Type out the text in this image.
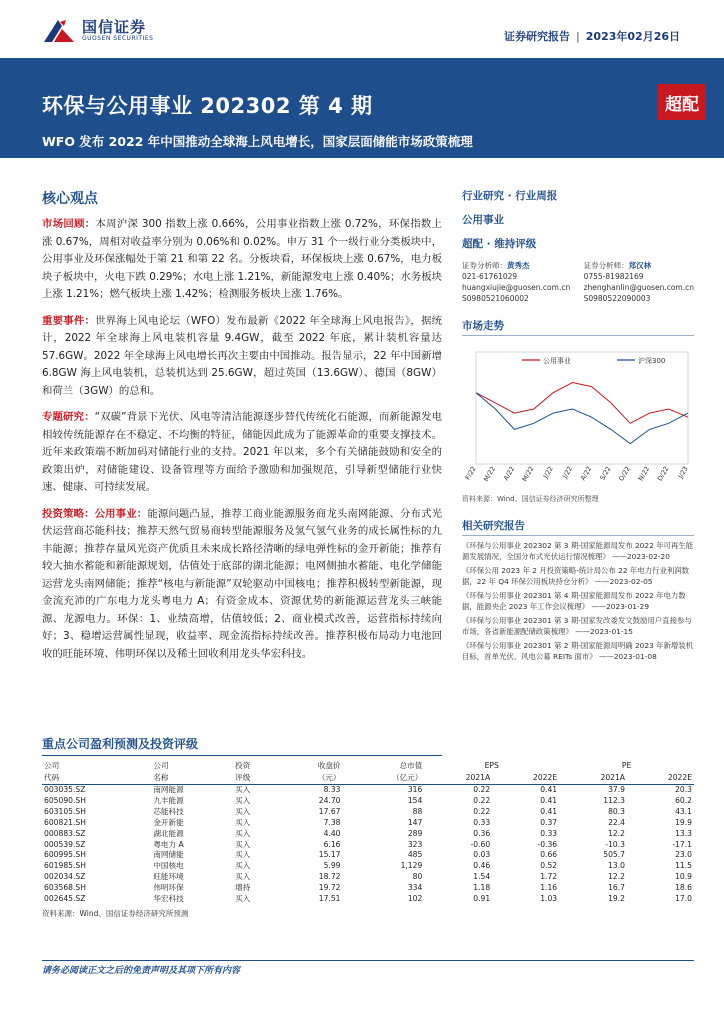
国信证券
GUOSEN SECURITIES	证券研究报告 | 2023年02月26日
环保与公用事业 202302 第 4 期
WFO 发布 2022 年中国推动全球海上风电增长，国家层面储能市场政策梳理
超配
核心观点
市场回顾：本周沪深 300 指数上涨 0.66%，公用事业指数上涨 0.72%，环保指数上涨 0.67%，周相对收益率分别为 0.06%和 0.02%。申万 31 个一级行业分类板块中，公用事业及环保涨幅处于第 21 和第 22 名。分板块看，环保板块上涨 0.67%，电力板块子板块中，火电下跌 0.29%；水电上涨 1.21%，新能源发电上涨 0.40%；水务板块上涨 1.21%；燃气板块上涨 1.42%；检测服务板块上涨 1.76%。
重要事件：世界海上风电论坛（WFO）发布最新《2022 年全球海上风电报告》，据统计，2022 年全球海上风电装机容量 9.4GW，截至 2022 年底，累计装机容量达 57.6GW。2022 年全球海上风电增长再次主要由中国推动。报告显示，22 年中国新增 6.8GW 海上风电装机，总装机达到 25.6GW，超过英国（13.6GW）、德国（8GW）和荷兰（3GW）的总和。
专题研究：“双碳”背景下光伏、风电等清洁能源逐步替代传统化石能源，而新能源发电相较传统能源存在不稳定、不均衡的特征，储能因此成为了能源革命的重要支撑技术。近年来政策端不断加码对储能行业的支持。2021 年以来，多个有关储能鼓励和安全的政策出炉，对储能建设、设备管理等方面给予激励和加强规范，引导新型储能行业快速、健康、可持续发展。
投资策略：公用事业：能源问题凸显，推荐工商业能源服务商龙头南网能源、分布式光伏运营商芯能科技；推荐天然气贸易商转型能源服务及氢气氢气业务的成长属性标的九丰能源；推荐存量风光资产优质且未来成长路径清晰的绿电弹性标的金开新能；推荐有较大抽水蓄能和新能源规划，估值处于底部的湖北能源；电网侧抽水蓄能、电化学储能运营龙头南网储能；推荐“核电与新能源”双轮驱动中国核电；推荐积极转型新能源，现金流充沛的广东电力龙头粤电力 A；有资金成本、资源优势的新能源运营龙头三峡能源、龙源电力。环保：1、业绩高增，估值较低；2、商业模式改善，运营指标持续向好；3、稳增运营属性显现，收益率、现金流指标持续改善。推荐积极布局动力电池回收的旺能环境、伟明环保以及稀土回收利用龙头华宏科技。
行业研究 · 行业周报
公用事业
超配 · 维持评级
证券分析师：黄秀杰
021-61761029
huangxiujie@guosen.com.cn
S0980521060002
证券分析师：郑汉林
0755-81982169
zhenghanlin@guosen.com.cn
S0980522090003
市场走势
公用事业	沪深300
F/22 M/22 A/22 M/22 J/22 J/22 A/22 S/22 O/22 N/22 D/22 J/23
资料来源：Wind、国信证券经济研究所整理
相关研究报告
《环保与公用事业 202302 第 3 期-国家能源局发布 2022 年可再生能源发展情况，全国分布式光伏运行情况梳理》 ——2023-02-20
《环保公用 2023 年 2 月投资策略-统计局公布 22 年电力行业利润数据，22 年 Q4 环保公用板块持仓分析》 ——2023-02-05
《环保与公用事业 202301 第 4 期-国家能源局发布 2022 年电力数据，能源央企 2023 年工作会议梳理》 ——2023-01-29
《环保与公用事业 202301 第 3 期-国家发改委发文鼓励用户直接参与市场，各省新能源配储政策梳理》 ——2023-01-15
《环保与公用事业 202301 第 2 期-国家能源局明确 2023 年新增装机目标，首单光伏、风电公募 REITs 面市》 ——2023-01-08
重点公司盈利预测及投资评级
公司	公司	投资	收盘价	总市值	EPS		PE	
代码	名称	评级	（元）	（亿元）	2021A	2022E	2021A	2022E
003035.SZ	南网能源	买入	8.33	316	0.22	0.41	37.9	20.3
605090.SH	九丰能源	买入	24.70	154	0.22	0.41	112.3	60.2
603105.SH	芯能科技	买入	17.67	88	0.22	0.41	80.3	43.1
600821.SH	金开新能	买入	7.38	147	0.33	0.37	22.4	19.9
000883.SZ	湖北能源	买入	4.40	289	0.36	0.33	12.2	13.3
000539.SZ	粤电力 A	买入	6.16	323	-0.60	-0.36	-10.3	-17.1
600995.SH	南网储能	买入	15.17	485	0.03	0.66	505.7	23.0
601985.SH	中国核电	买入	5.99	1,129	0.46	0.52	13.0	11.5
002034.SZ	旺能环境	买入	18.72	80	1.54	1.72	12.2	10.9
603568.SH	伟明环保	增持	19.72	334	1.18	1.16	16.7	18.6
002645.SZ	华宏科技	买入	17.51	102	0.91	1.03	19.2	17.0
资料来源：Wind、国信证券经济研究所预测
请务必阅读正文之后的免责声明及其项下所有内容
